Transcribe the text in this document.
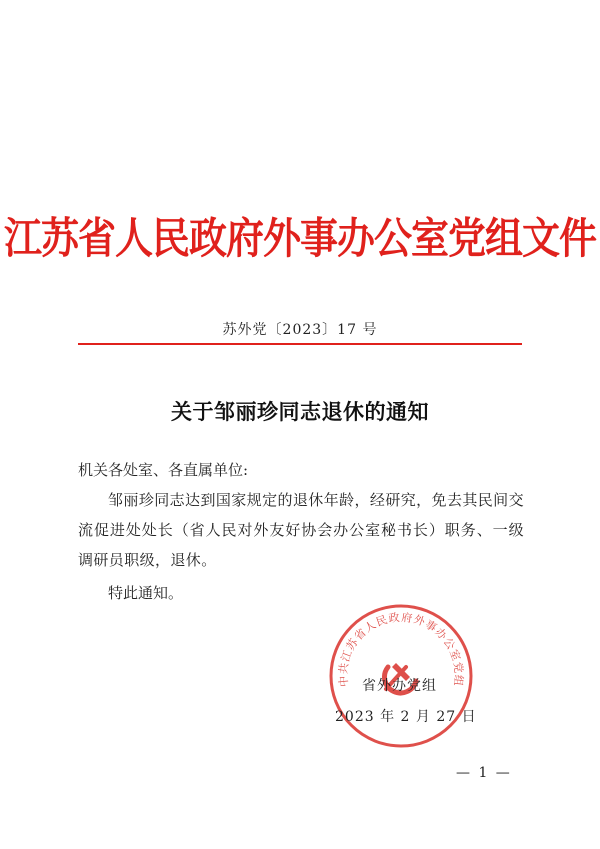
江苏省人民政府外事办公室党组文件
苏外党〔2023〕17 号
关于邹丽珍同志退休的通知
机关各处室、各直属单位:
邹丽珍同志达到国家规定的退休年龄，经研究，免去其民间交流促进处处长（省人民对外友好协会办公室秘书长）职务、一级调研员职级，退休。
特此通知。
中共江苏省人民政府外事办公室党组
省外办党组
2023 年 2 月 27 日
— 1 —
